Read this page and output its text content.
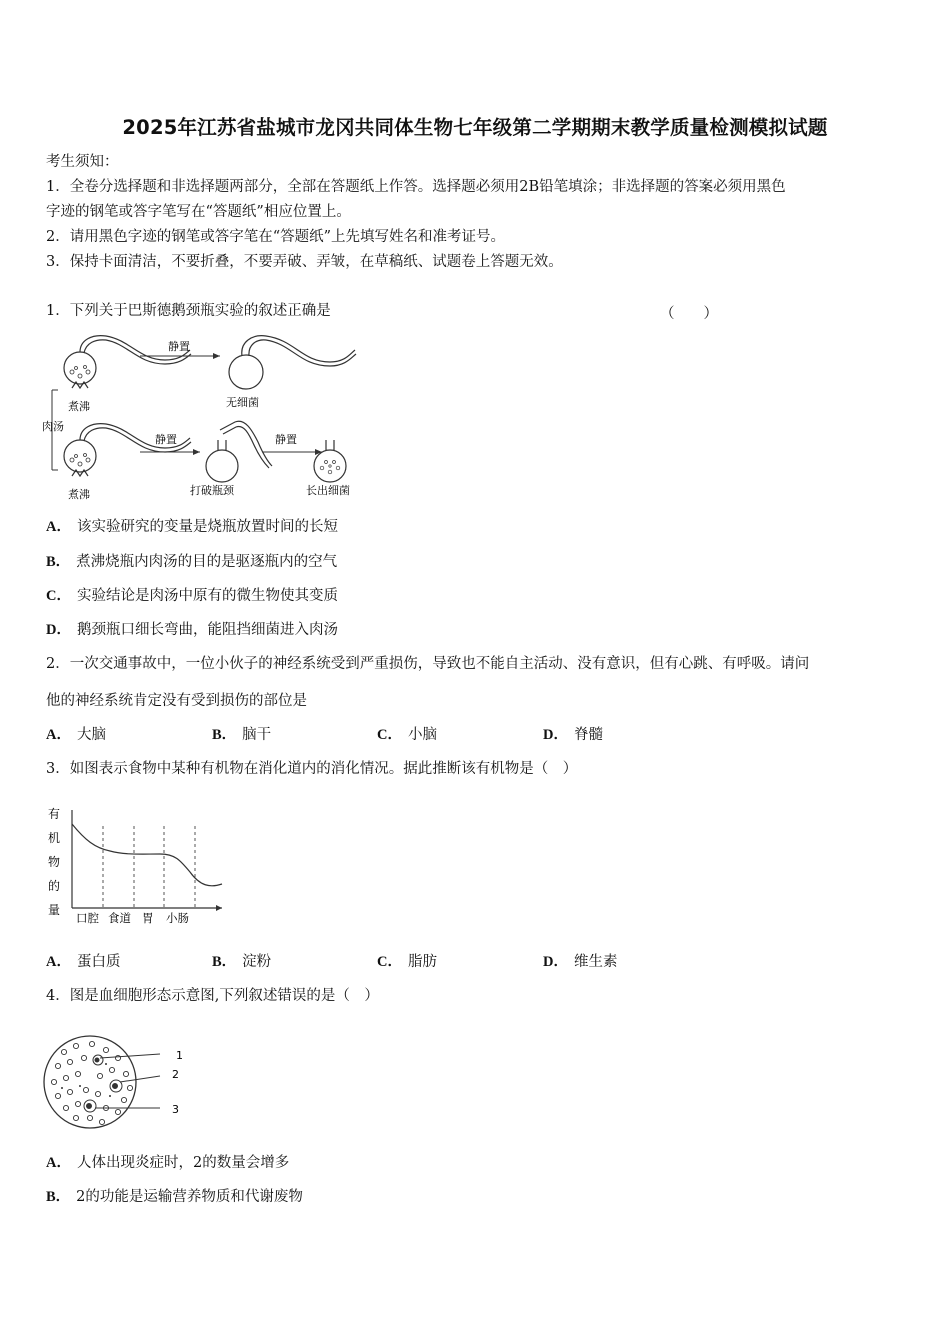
2025年江苏省盐城市龙冈共同体生物七年级第二学期期末教学质量检测模拟试题
考生须知：
1．全卷分选择题和非选择题两部分，全部在答题纸上作答。选择题必须用2B铅笔填涂；非选择题的答案必须用黑色
字迹的钢笔或答字笔写在“答题纸”相应位置上。
2．请用黑色字迹的钢笔或答字笔在“答题纸”上先填写姓名和准考证号。
3．保持卡面清洁，不要折叠，不要弄破、弄皱，在草稿纸、试题卷上答题无效。
1．下列关于巴斯德鹅颈瓶实验的叙述正确是	（　　）
煮沸
静置
无细菌
肉汤
煮沸
静置
打破瓶颈
静置
长出细菌
A． 该实验研究的变量是烧瓶放置时间的长短
B． 煮沸烧瓶内肉汤的目的是驱逐瓶内的空气
C． 实验结论是肉汤中原有的微生物使其变质
D． 鹅颈瓶口细长弯曲，能阻挡细菌进入肉汤
2．一次交通事故中，一位小伙子的神经系统受到严重损伤，导致也不能自主活动、没有意识，但有心跳、有呼吸。请问
他的神经系统肯定没有受到损伤的部位是
A． 大脑	B． 脑干	C． 小脑	D． 脊髓
3．如图表示食物中某种有机物在消化道内的消化情况。据此推断该有机物是（　）
有
机
物
的
量
口腔 食道 胃 小肠
A． 蛋白质	B． 淀粉	C． 脂肪	D． 维生素
4．图是血细胞形态示意图,下列叙述错误的是（　）
1
2
3
A． 人体出现炎症时，2的数量会增多
B． 2的功能是运输营养物质和代谢废物
